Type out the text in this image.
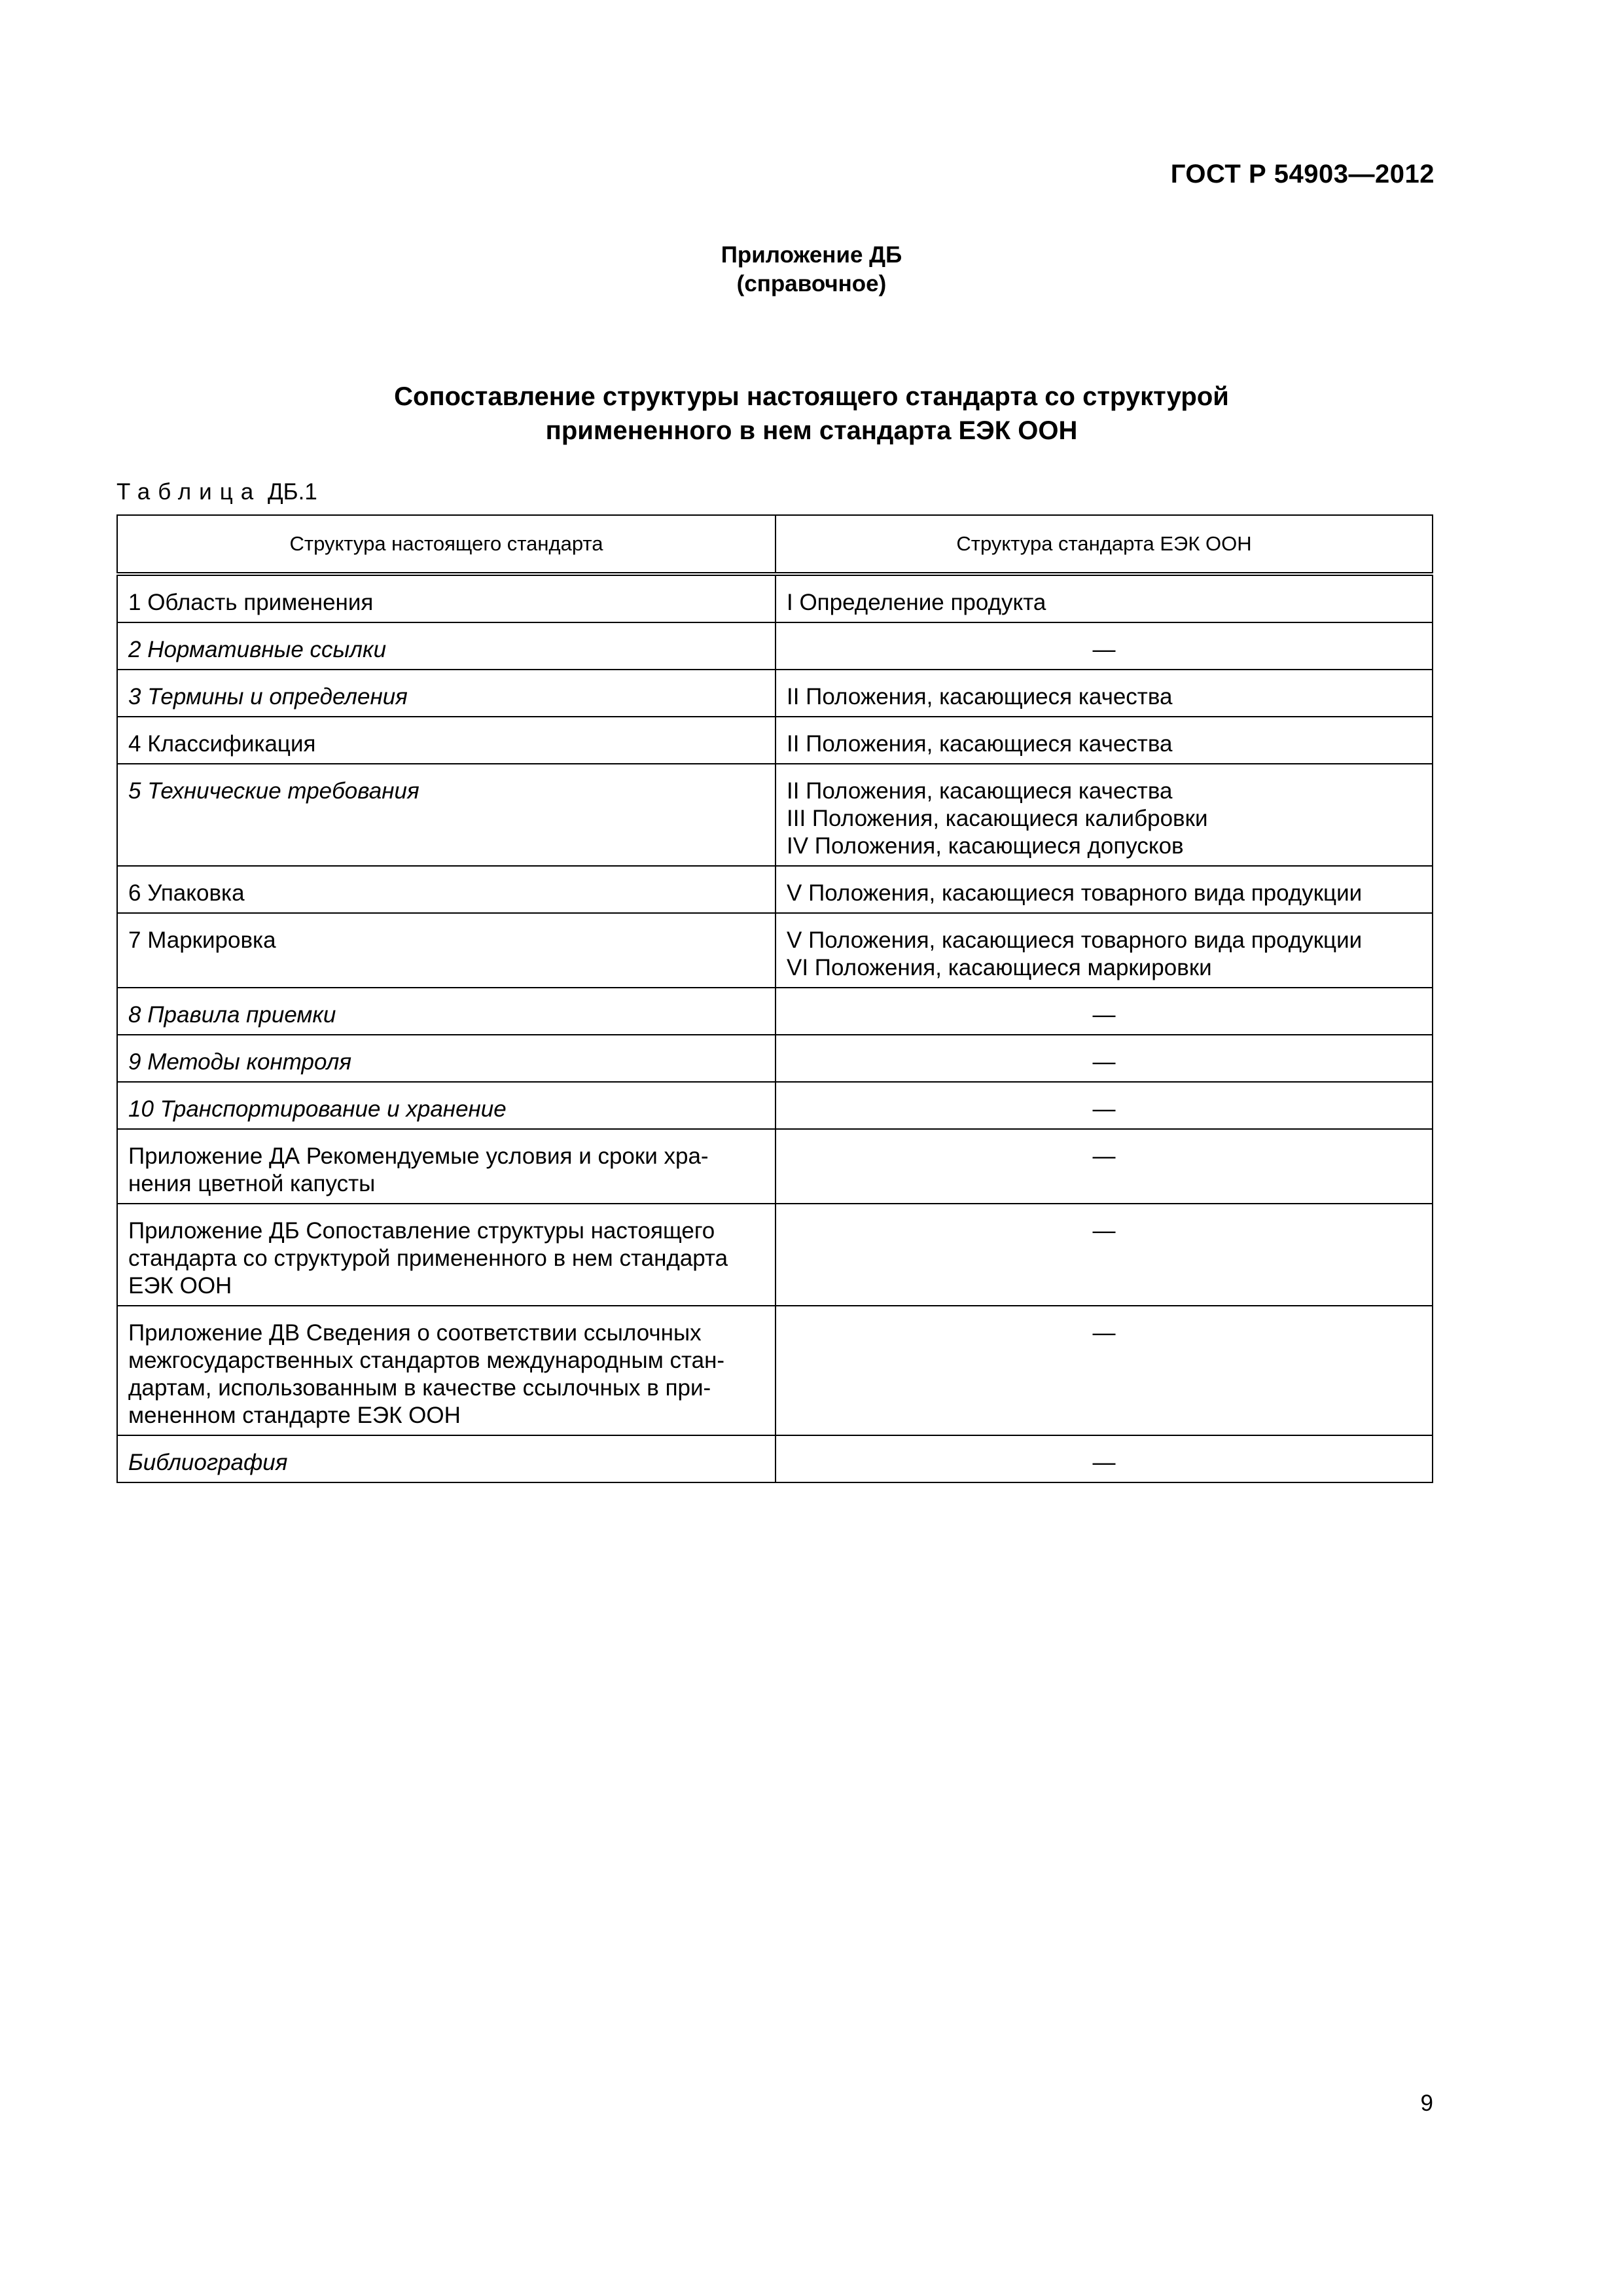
ГОСТ Р 54903—2012
Приложение ДБ
(справочное)
Сопоставление структуры настоящего стандарта со структурой
примененного в нем стандарта ЕЭК ООН
Таблица ДБ.1
Структура настоящего стандарта	Структура стандарта ЕЭК ООН

1 Область применения	I Определение продукта

2 Нормативные ссылки	—

3 Термины и определения	II Положения, касающиеся качества

4 Классификация	II Положения, касающиеся качества

5 Технические требования	II Положения, касающиеся качества
III Положения, касающиеся калибровки
IV Положения, касающиеся допусков

6 Упаковка	V Положения, касающиеся товарного вида продукции

7 Маркировка	V Положения, касающиеся товарного вида продукции
VI Положения, касающиеся маркировки

8 Правила приемки	—

9 Методы контроля	—

10 Транспортирование и хранение	—

Приложение ДА Рекомендуемые условия и сроки хра-
нения цветной капусты	—

Приложение ДБ Сопоставление структуры настоящего
стандарта со структурой примененного в нем стандарта
ЕЭК ООН	—

Приложение ДВ Сведения о соответствии ссылочных
межгосударственных стандартов международным стан-
дартам, использованным в качестве ссылочных в при-
мененном стандарте ЕЭК ООН	—

Библиография	—
9
